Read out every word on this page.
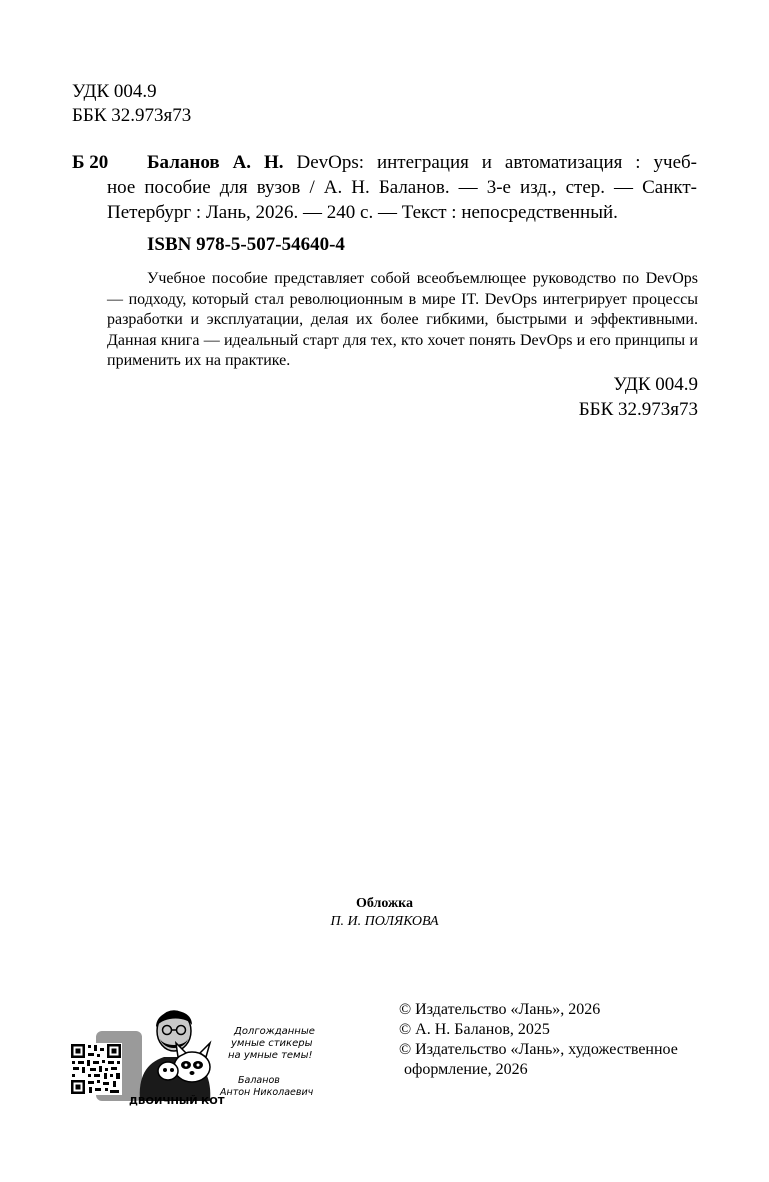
УДК 004.9
ББК 32.973я73
Б 20 Баланов А. Н. DevOps: интеграция и автоматизация : учеб-
ное пособие для вузов / А. Н. Баланов. — 3-е изд., стер. — Санкт-
Петербург : Лань, 2026. — 240 с. — Текст : непосредственный.
ISBN 978-5-507-54640-4
Учебное пособие представляет собой всеобъемлющее руководство по DevOps — подходу, который стал революционным в мире IT. DevOps интегрирует процессы разработки и эксплуатации, делая их более гибкими, быстрыми и эффективными. Данная книга — идеальный старт для тех, кто хочет понять DevOps и его принципы и применить их на практике.
УДК 004.9
ББК 32.973я73
Обложка
П. И. ПОЛЯКОВА
© Издательство «Лань», 2026
© А. Н. Баланов, 2025
© Издательство «Лань», художественное
оформление, 2026
Долгожданные
умные стикеры
на умные темы!
Баланов
Антон Николаевич
ДВОИЧНЫЙ КОТ
